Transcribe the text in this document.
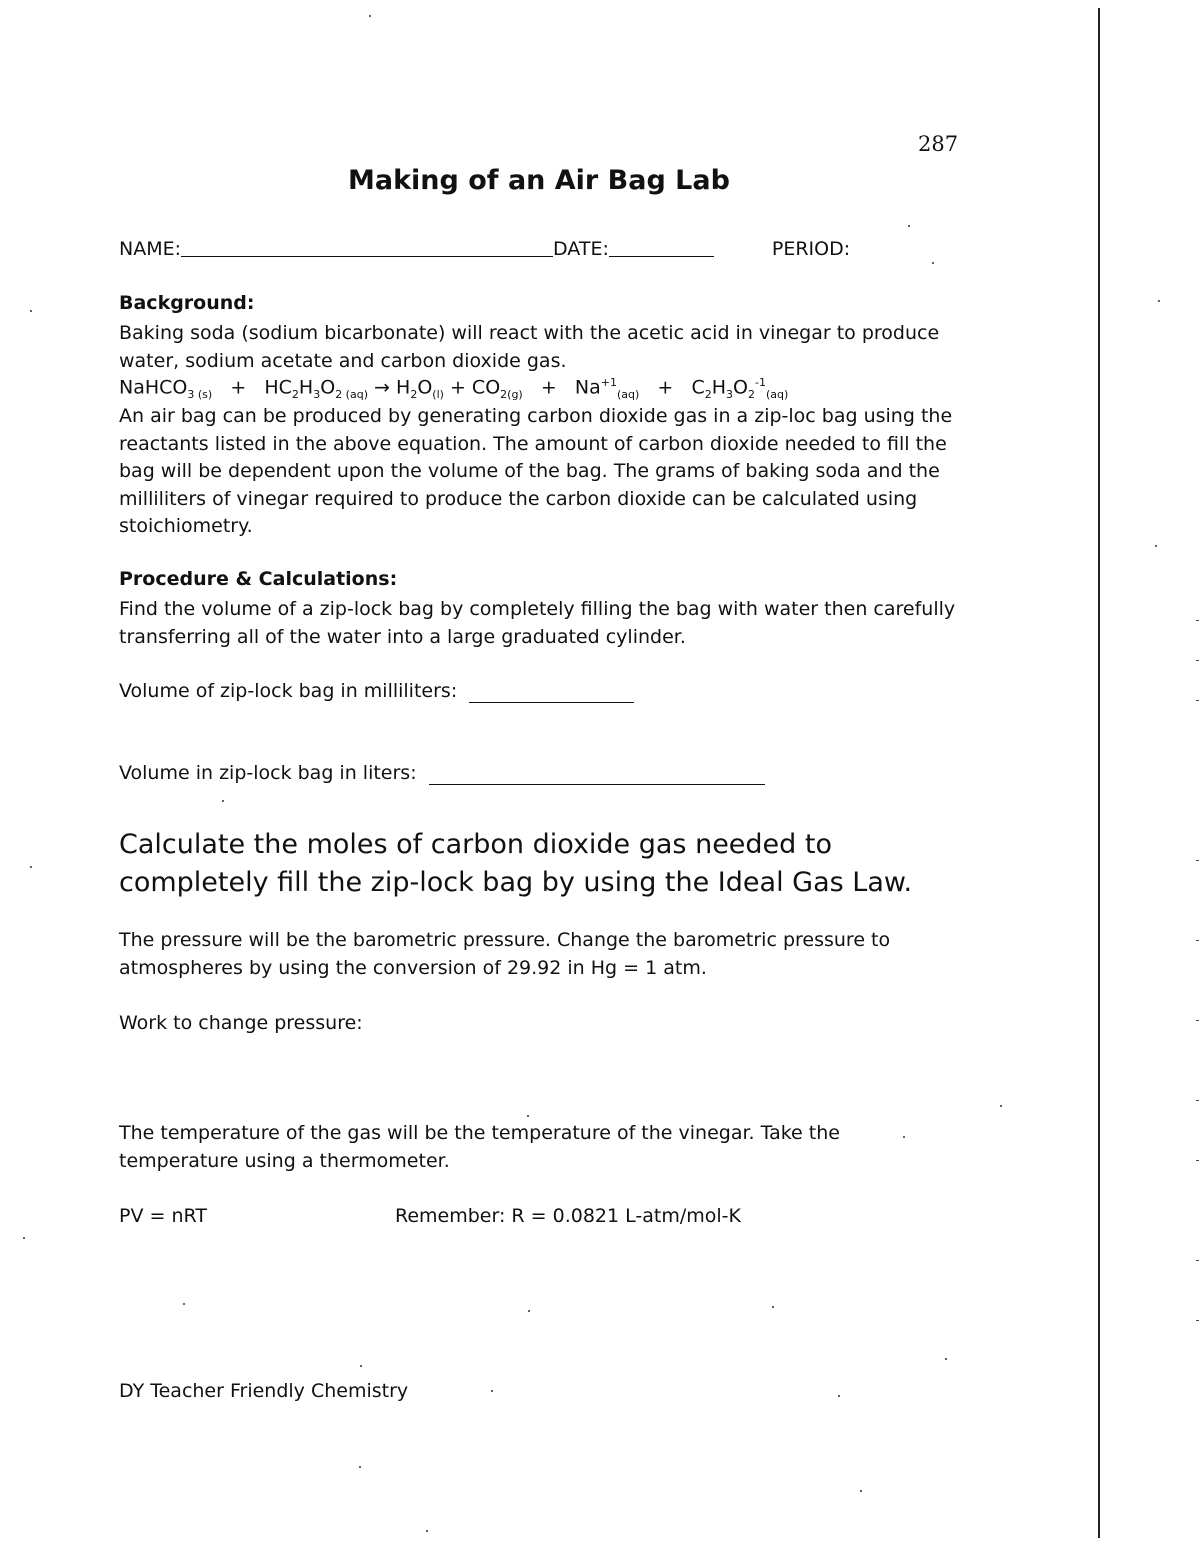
287
Making of an Air Bag Lab
NAME:	DATE:	PERIOD:
Background:
Baking soda (sodium bicarbonate) will react with the acetic acid in vinegar to produce water, sodium acetate and carbon dioxide gas.
NaHCO$_{3 (s)}$ + $HC_2H_3O_{2 (aq)} \to H_2O_{(l)} + CO_{2(g)} + Na^{+1}_{(aq)} + C_2H_3O_2^{-1}_{(aq)}$
An air bag can be produced by generating carbon dioxide gas in a zip-loc bag using the reactants listed in the above equation. The amount of carbon dioxide needed to fill the bag will be dependent upon the volume of the bag. The grams of baking soda and the milliliters of vinegar required to produce the carbon dioxide can be calculated using stoichiometry.
Procedure & Calculations:
Find the volume of a zip-lock bag by completely filling the bag with water then carefully transferring all of the water into a large graduated cylinder.
Volume of zip-lock bag in milliliters:
Volume in zip-lock bag in liters:
Calculate the moles of carbon dioxide gas needed to completely fill the zip-lock bag by using the Ideal Gas Law.
The pressure will be the barometric pressure. Change the barometric pressure to atmospheres by using the conversion of 29.92 in Hg = 1 atm.
Work to change pressure:
The temperature of the gas will be the temperature of the vinegar. Take the temperature using a thermometer.
PV = nRT	Remember: R = 0.0821 L-atm/mol-K
DY Teacher Friendly Chemistry
